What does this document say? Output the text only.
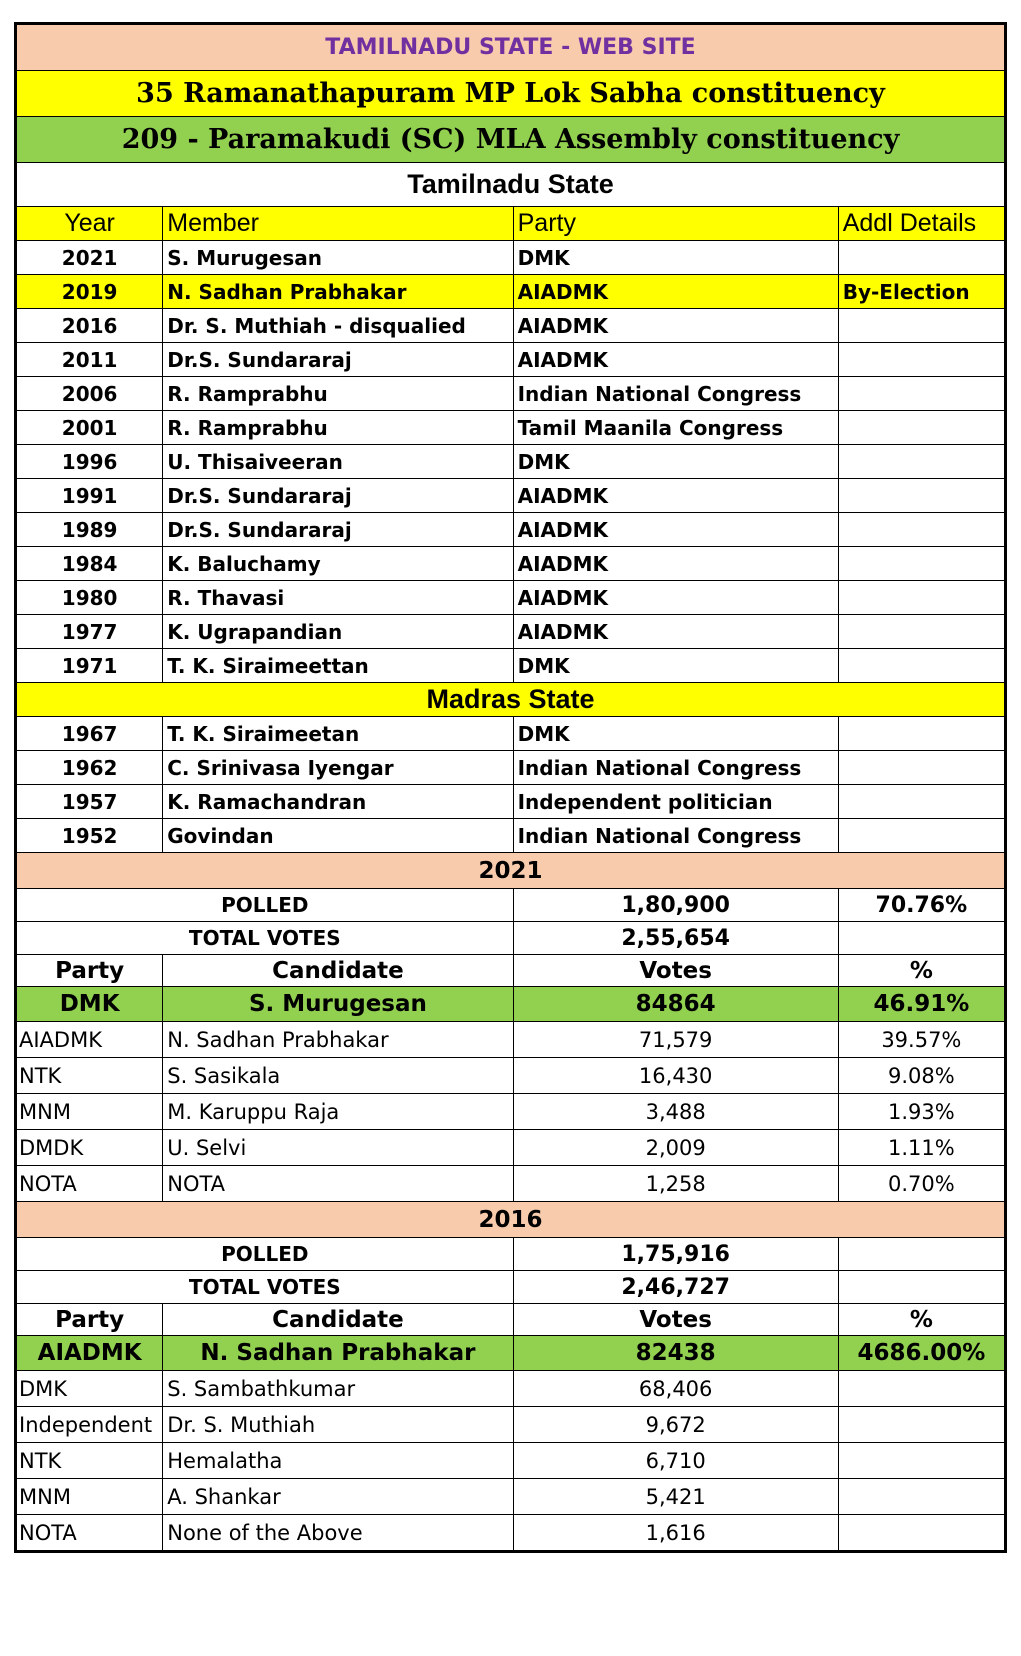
TAMILNADU STATE - WEB SITE			
35 Ramanathapuram MP Lok Sabha constituency			
209 - Paramakudi (SC) MLA Assembly constituency			
Tamilnadu State			
Year	Member	Party	Addl Details
2021	S. Murugesan	DMK	
2019	N. Sadhan Prabhakar	AIADMK	By-Election
2016	Dr. S. Muthiah - disqualied	AIADMK	
2011	Dr.S. Sundararaj	AIADMK	
2006	R. Ramprabhu	Indian National Congress	
2001	R. Ramprabhu	Tamil Maanila Congress	
1996	U. Thisaiveeran	DMK	
1991	Dr.S. Sundararaj	AIADMK	
1989	Dr.S. Sundararaj	AIADMK	
1984	K. Baluchamy	AIADMK	
1980	R. Thavasi	AIADMK	
1977	K. Ugrapandian	AIADMK	
1971	T. K. Siraimeettan	DMK	
Madras State			
1967	T. K. Siraimeetan	DMK	
1962	C. Srinivasa Iyengar	Indian National Congress	
1957	K. Ramachandran	Independent politician	
1952	Govindan	Indian National Congress	
2021			
POLLED		1,80,900	70.76%
TOTAL VOTES		2,55,654	
Party	Candidate	Votes	%
DMK	S. Murugesan	84864	46.91%
AIADMK	N. Sadhan Prabhakar	71,579	39.57%
NTK	S. Sasikala	16,430	9.08%
MNM	M. Karuppu Raja	3,488	1.93%
DMDK	U. Selvi	2,009	1.11%
NOTA	NOTA	1,258	0.70%
2016			
POLLED		1,75,916	
TOTAL VOTES		2,46,727	
Party	Candidate	Votes	%
AIADMK	N. Sadhan Prabhakar	82438	4686.00%
DMK	S. Sambathkumar	68,406	
Independent	Dr. S. Muthiah	9,672	
NTK	Hemalatha	6,710	
MNM	A. Shankar	5,421	
NOTA	None of the Above	1,616	
